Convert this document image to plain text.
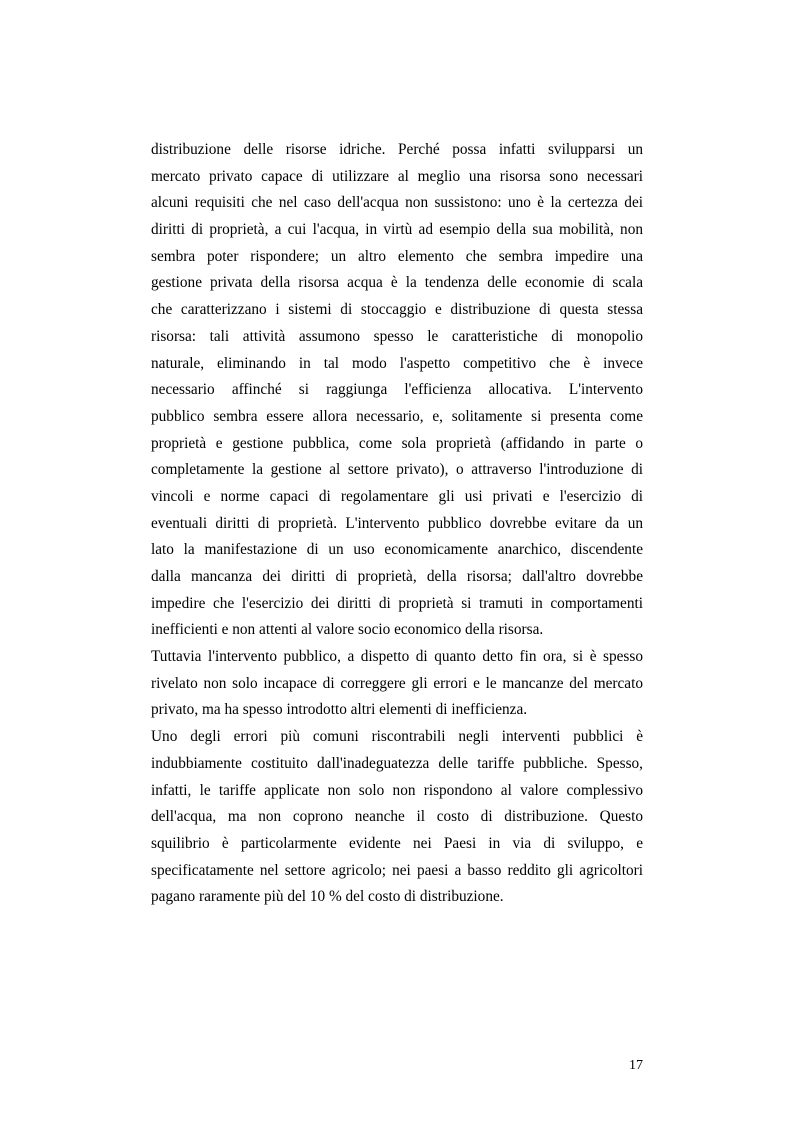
distribuzione delle risorse idriche. Perché possa infatti svilupparsi un
mercato privato capace di utilizzare al meglio una risorsa sono necessari
alcuni requisiti che nel caso dell'acqua non sussistono: uno è la certezza dei
diritti di proprietà, a cui l'acqua, in virtù ad esempio della sua mobilità, non
sembra poter rispondere; un altro elemento che sembra impedire una
gestione privata della risorsa acqua è la tendenza delle economie di scala
che caratterizzano i sistemi di stoccaggio e distribuzione di questa stessa
risorsa: tali attività assumono spesso le caratteristiche di monopolio
naturale, eliminando in tal modo l'aspetto competitivo che è invece
necessario affinché si raggiunga l'efficienza allocativa. L'intervento
pubblico sembra essere allora necessario, e, solitamente si presenta come
proprietà e gestione pubblica, come sola proprietà (affidando in parte o
completamente la gestione al settore privato), o attraverso l'introduzione di
vincoli e norme capaci di regolamentare gli usi privati e l'esercizio di
eventuali diritti di proprietà. L'intervento pubblico dovrebbe evitare da un
lato la manifestazione di un uso economicamente anarchico, discendente
dalla mancanza dei diritti di proprietà, della risorsa; dall'altro dovrebbe
impedire che l'esercizio dei diritti di proprietà si tramuti in comportamenti
inefficienti e non attenti al valore socio economico della risorsa.
Tuttavia l'intervento pubblico, a dispetto di quanto detto fin ora, si è spesso
rivelato non solo incapace di correggere gli errori e le mancanze del mercato
privato, ma ha spesso introdotto altri elementi di inefficienza.
Uno degli errori più comuni riscontrabili negli interventi pubblici è
indubbiamente costituito dall'inadeguatezza delle tariffe pubbliche. Spesso,
infatti, le tariffe applicate non solo non rispondono al valore complessivo
dell'acqua, ma non coprono neanche il costo di distribuzione. Questo
squilibrio è particolarmente evidente nei Paesi in via di sviluppo, e
specificatamente nel settore agricolo; nei paesi a basso reddito gli agricoltori
pagano raramente più del 10 % del costo di distribuzione.
17
